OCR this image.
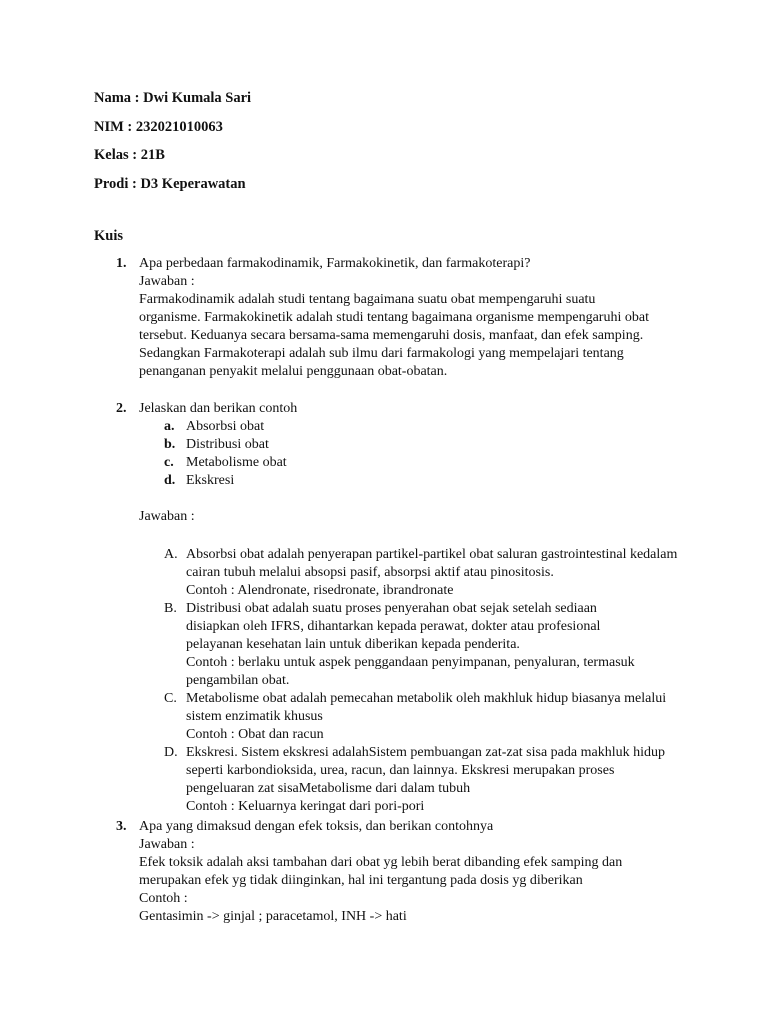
Nama : Dwi Kumala Sari
NIM : 232021010063
Kelas : 21B
Prodi : D3 Keperawatan
Kuis
1. Apa perbedaan farmakodinamik, Farmakokinetik, dan farmakoterapi?
Jawaban :

Farmakodinamik adalah studi tentang bagaimana suatu obat mempengaruhi suatu organisme. Farmakokinetik adalah studi tentang bagaimana organisme mempengaruhi obat tersebut. Keduanya secara bersama-sama memengaruhi dosis, manfaat, dan efek samping.

Sedangkan Farmakoterapi adalah sub ilmu dari farmakologi yang mempelajari tentang penanganan penyakit melalui penggunaan obat-obatan.

2. Jelaskan dan berikan contoh
a. Absorbsi obat
b. Distribusi obat
c. Metabolisme obat
d. Ekskresi
Jawaban :
A. Absorbsi obat adalah penyerapan partikel-partikel obat saluran gastrointestinal kedalam cairan tubuh melalui absopsi pasif, absorpsi aktif atau pinositosis.
Contoh : Alendronate, risedronate, ibrandronate
B. Distribusi obat adalah suatu proses penyerahan obat sejak setelah sediaan disiapkan oleh IFRS, dihantarkan kepada perawat, dokter atau profesional pelayanan kesehatan lain untuk diberikan kepada penderita.
Contoh : berlaku untuk aspek penggandaan penyimpanan, penyaluran, termasuk pengambilan obat.
C. Metabolisme obat adalah pemecahan metabolik oleh makhluk hidup biasanya melalui sistem enzimatik khusus
Contoh : Obat dan racun
D. Ekskresi. Sistem ekskresi adalahSistem pembuangan zat-zat sisa pada makhluk hidup seperti karbondioksida, urea, racun, dan lainnya. Ekskresi merupakan proses pengeluaran zat sisaMetabolisme dari dalam tubuh
Contoh : Keluarnya keringat dari pori-pori
3. Apa yang dimaksud dengan efek toksis, dan berikan contohnya
Jawaban :

Efek toksik adalah aksi tambahan dari obat yg lebih berat dibanding efek samping dan merupakan efek yg tidak diinginkan, hal ini tergantung pada dosis yg diberikan

Contoh :
Gentasimin -> ginjal ; paracetamol, INH -> hati
